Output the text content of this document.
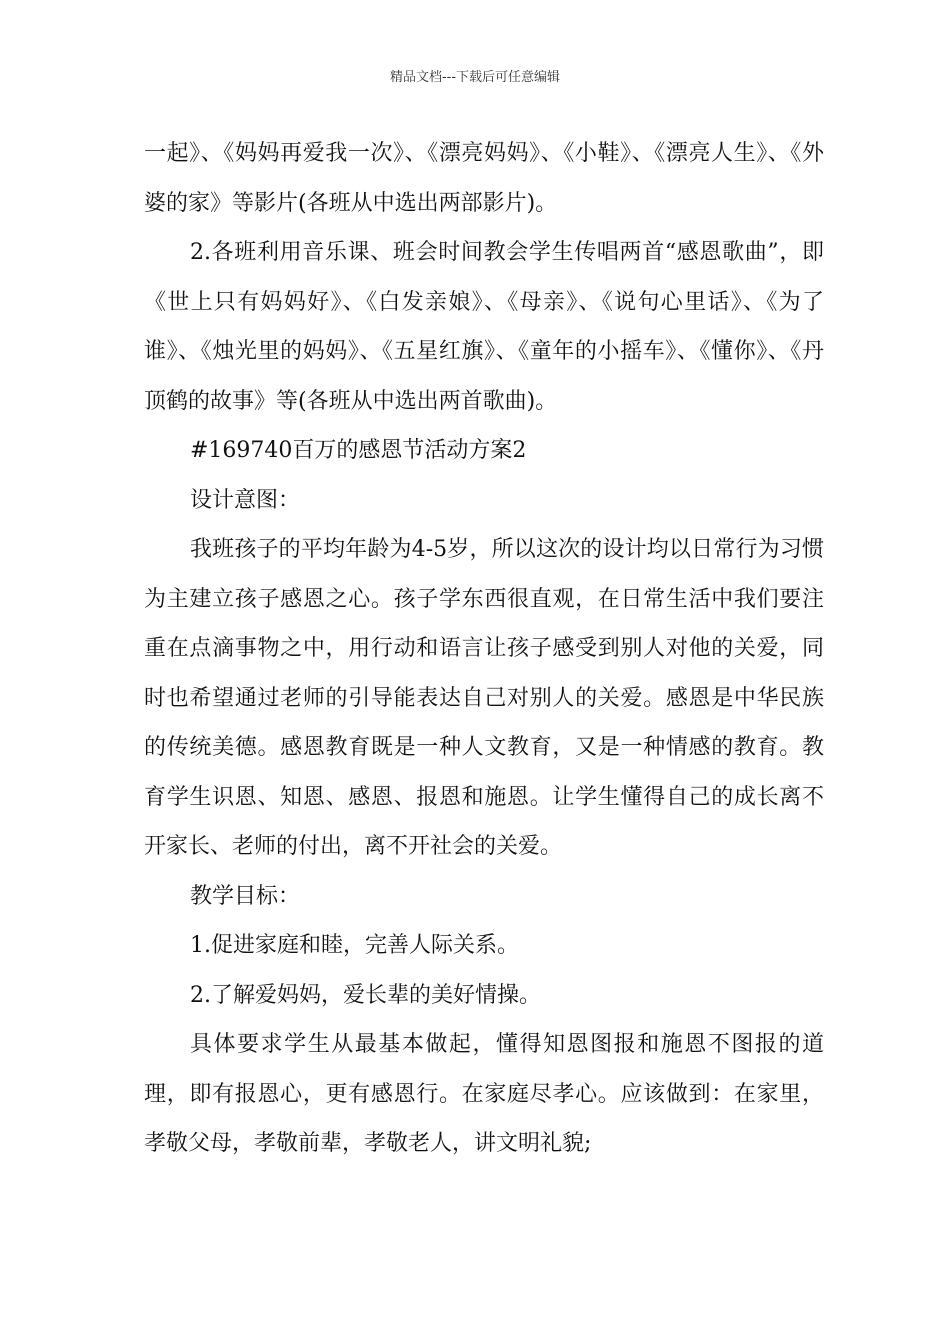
精品文档---下载后可任意编辑

一起》、《妈妈再爱我一次》、《漂亮妈妈》、《小鞋》、《漂亮人生》、《外婆的家》等影片(各班从中选出两部影片)。

2.各班利用音乐课、班会时间教会学生传唱两首“感恩歌曲”，即《世上只有妈妈好》、《白发亲娘》、《母亲》、《说句心里话》、《为了谁》、《烛光里的妈妈》、《五星红旗》、《童年的小摇车》、《懂你》、《丹顶鹤的故事》等(各班从中选出两首歌曲)。

#169740百万的感恩节活动方案2

设计意图：

我班孩子的平均年龄为4-5岁，所以这次的设计均以日常行为习惯为主建立孩子感恩之心。孩子学东西很直观，在日常生活中我们要注重在点滴事物之中，用行动和语言让孩子感受到别人对他的关爱，同时也希望通过老师的引导能表达自己对别人的关爱。感恩是中华民族的传统美德。感恩教育既是一种人文教育，又是一种情感的教育。教育学生识恩、知恩、感恩、报恩和施恩。让学生懂得自己的成长离不开家长、老师的付出，离不开社会的关爱。

教学目标：

1.促进家庭和睦，完善人际关系。

2.了解爱妈妈，爱长辈的美好情操。

具体要求学生从最基本做起，懂得知恩图报和施恩不图报的道理，即有报恩心，更有感恩行。在家庭尽孝心。应该做到：在家里，孝敬父母，孝敬前辈，孝敬老人，讲文明礼貌;
